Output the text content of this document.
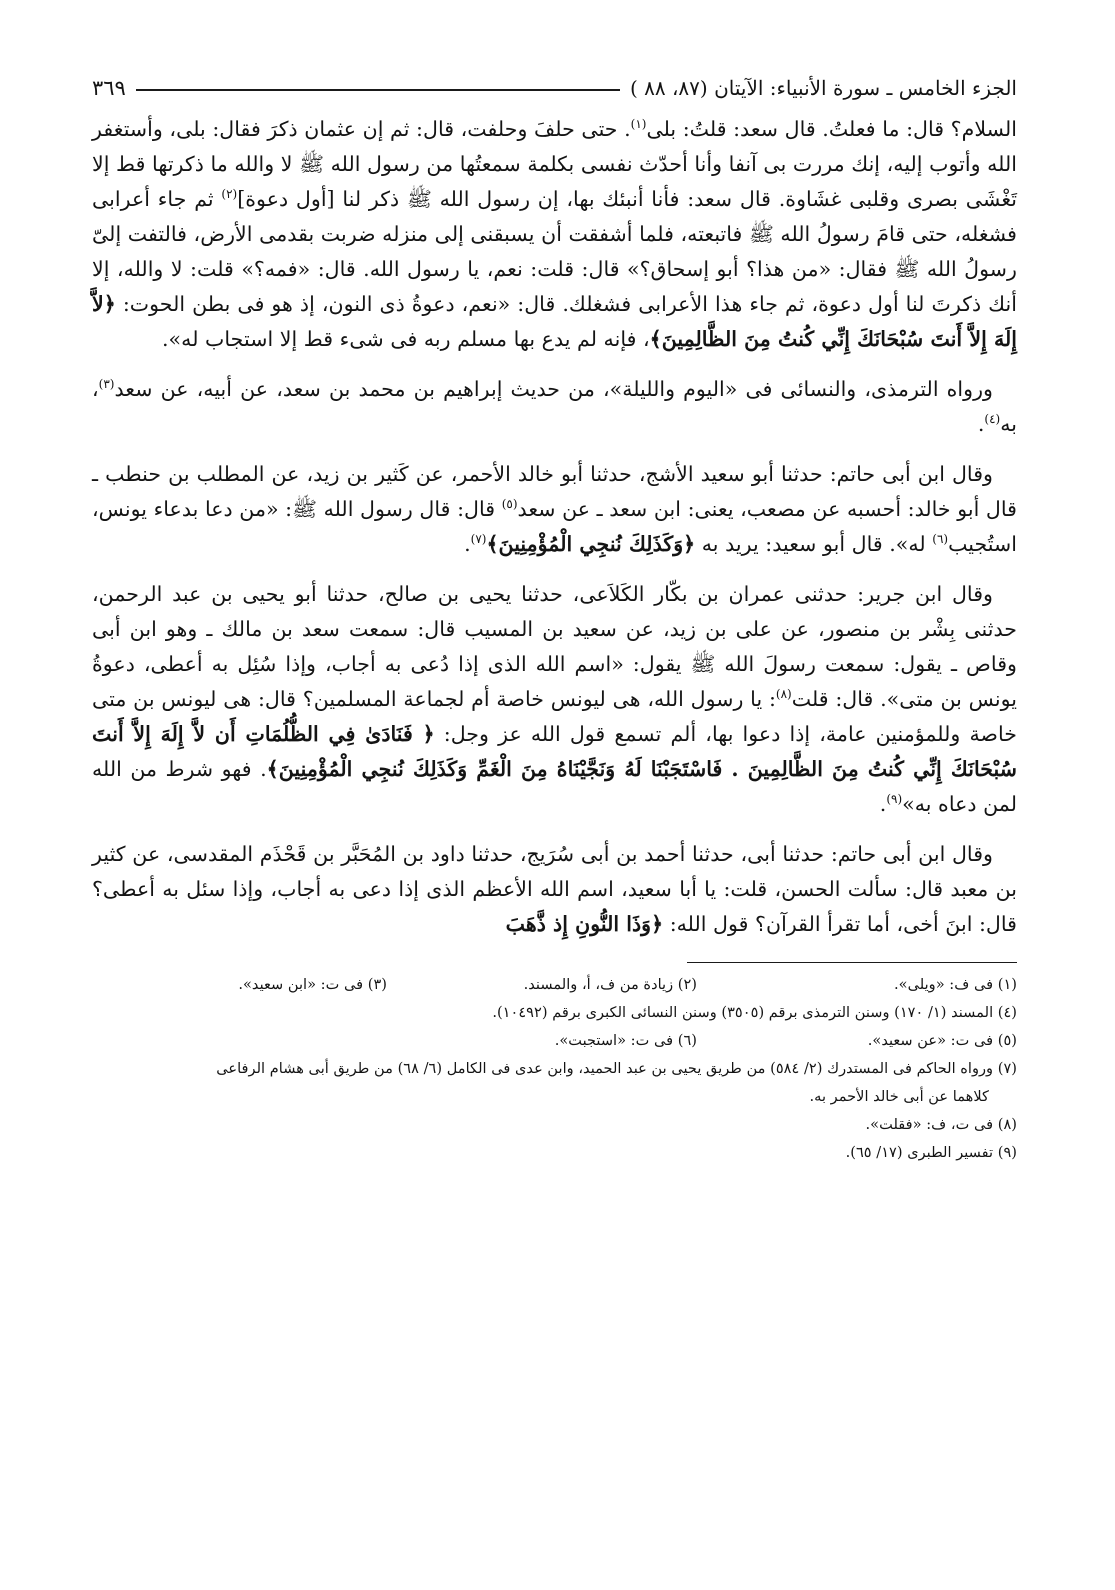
الجزء الخامس ـ سورة الأنبياء: الآيتان (٨٧، ٨٨ )
٣٦٩

السلام؟ قال: ما فعلتُ. قال سعد: قلتُ: بلى$^{(١)}$. حتى حلفَ وحلفت، قال: ثم إن عثمان ذكرَ فقال: بلى، وأستغفر الله وأتوب إليه، إنك مررت بى آنفا وأنا أحدّث نفسى بكلمة سمعتُها من رسول الله ﷺ لا والله ما ذكرتها قط إلا تَغْشَى بصرى وقلبى غشَاوة. قال سعد: فأنا أنبئك بها، إن رسول الله ﷺ ذكر لنا [أول دعوة]$^{(٢)}$ ثم جاء أعرابى فشغله، حتى قامَ رسولُ الله ﷺ فاتبعته، فلما أشفقت أن يسبقنى إلى منزله ضربت بقدمى الأرض، فالتفت إلىّ رسولُ الله ﷺ فقال: «من هذا؟ أبو إسحاق؟» قال: قلت: نعم، يا رسول الله. قال: «فمه؟» قلت: لا والله، إلا أنك ذكرتَ لنا أول دعوة، ثم جاء هذا الأعرابى فشغلك. قال: «نعم، دعوةُ ذى النون، إذ هو فى بطن الحوت: ﴿لاَّ إِلَهَ إِلاَّ أَنتَ سُبْحَانَكَ إِنِّي كُنتُ مِنَ الظَّالِمِينَ﴾، فإنه لم يدع بها مسلم ربه فى شىء قط إلا استجاب له».

ورواه الترمذى، والنسائى فى «اليوم والليلة»، من حديث إبراهيم بن محمد بن سعد، عن أبيه، عن سعد$^{(٣)}$، به$^{(٤)}$.

وقال ابن أبى حاتم: حدثنا أبو سعيد الأشج، حدثنا أبو خالد الأحمر، عن كَثير بن زيد، عن المطلب بن حنطب ـ قال أبو خالد: أحسبه عن مصعب، يعنى: ابن سعد ـ عن سعد$^{(٥)}$ قال: قال رسول الله ﷺ: «من دعا بدعاء يونس، استُجيب$^{(٦)}$ له». قال أبو سعيد: يريد به ﴿وَكَذَلِكَ نُنجِي الْمُؤْمِنِينَ﴾$^{(٧)}$.

وقال ابن جرير: حدثنى عمران بن بكّار الكَلاَعى، حدثنا يحيى بن صالح، حدثنا أبو يحيى بن عبد الرحمن، حدثنى بِشْر بن منصور، عن على بن زيد، عن سعيد بن المسيب قال: سمعت سعد بن مالك ـ وهو ابن أبى وقاص ـ يقول: سمعت رسولَ الله ﷺ يقول: «اسم الله الذى إذا دُعى به أجاب، وإذا سُئِل به أعطى، دعوةُ يونس بن متى». قال: قلت$^{(٨)}$: يا رسول الله، هى ليونس خاصة أم لجماعة المسلمين؟ قال: هى ليونس بن متى خاصة وللمؤمنين عامة، إذا دعوا بها، ألم تسمع قول الله عز وجل: ﴿ فَنَادَىٰ فِي الظُّلُمَاتِ أَن لاَّ إِلَهَ إِلاَّ أَنتَ سُبْحَانَكَ إِنِّي كُنتُ مِنَ الظَّالِمِينَ . فَاسْتَجَبْنَا لَهُ وَنَجَّيْنَاهُ مِنَ الْغَمِّ وَكَذَلِكَ نُنجِي الْمُؤْمِنِينَ﴾. فهو شرط من الله لمن دعاه به»$^{(٩)}$.

وقال ابن أبى حاتم: حدثنا أبى، حدثنا أحمد بن أبى سُرَيج، حدثنا داود بن المُحَبَّر بن قَحْذَم المقدسى، عن كثير بن معبد قال: سألت الحسن، قلت: يا أبا سعيد، اسم الله الأعظم الذى إذا دعى به أجاب، وإذا سئل به أعطى؟ قال: ابنَ أخى، أما تقرأ القرآن؟ قول الله: ﴿وَذَا النُّونِ إِذ ذَّهَبَ

(١) فى ف: «ويلى».
(٢) زيادة من ف، أ، والمسند.
(٣) فى ت: «ابن سعيد».

(٤) المسند (١/ ١٧٠) وسنن الترمذى برقم (٣٥٠٥) وسنن النسائى الكبرى برقم (١٠٤٩٢).

(٥) فى ت: «عن سعيد».
(٦) فى ت: «استجبت».

(٧) ورواه الحاكم فى المستدرك (٢/ ٥٨٤) من طريق يحيى بن عبد الحميد، وابن عدى فى الكامل (٦/ ٦٨) من طريق أبى هشام الرفاعى

كلاهما عن أبى خالد الأحمر به.

(٨) فى ت، ف: «فقلت».

(٩) تفسير الطبرى (١٧/ ٦٥).
